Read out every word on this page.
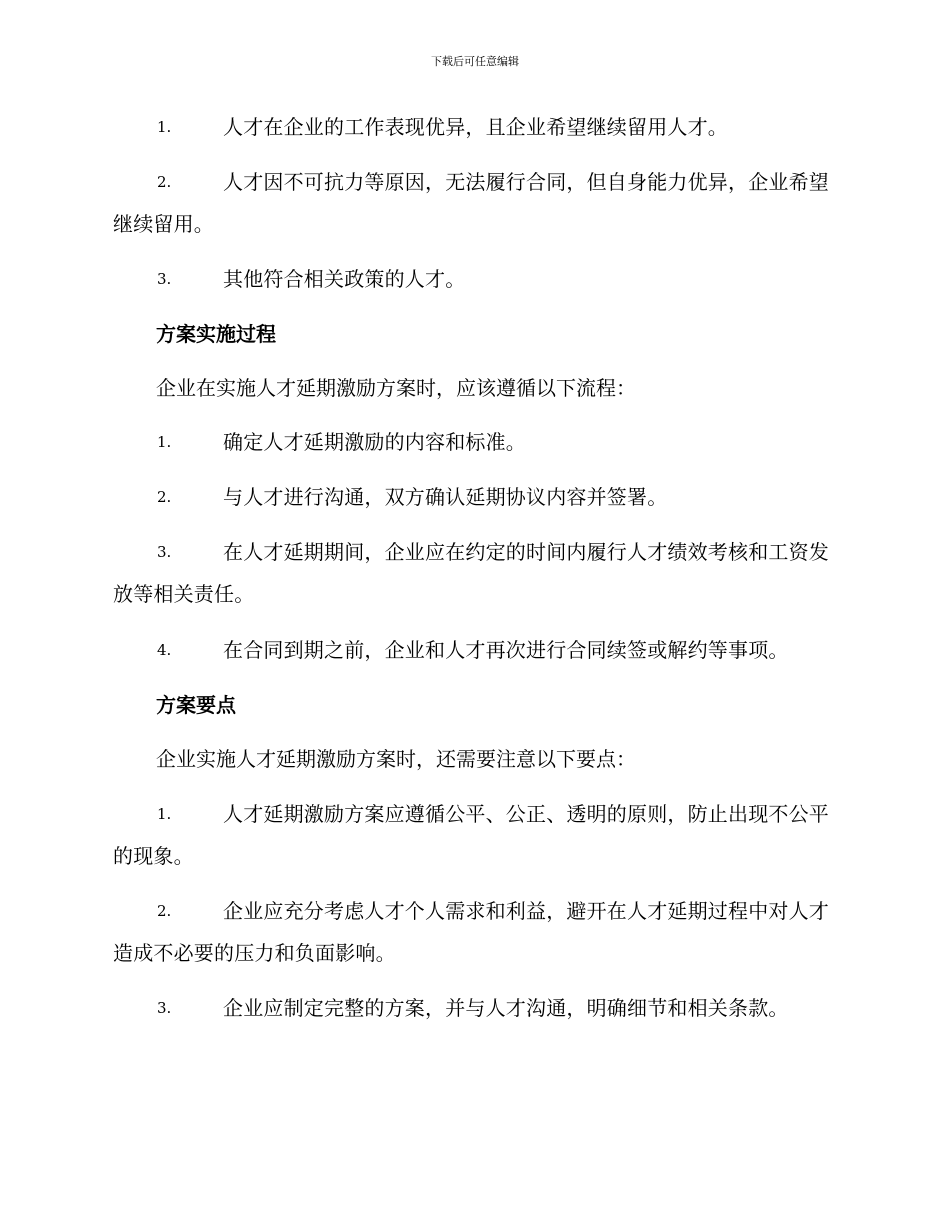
下载后可任意编辑
1.	人才在企业的工作表现优异，且企业希望继续留用人才。
2.	人才因不可抗力等原因，无法履行合同，但自身能力优异，企业希望继续留用。
3.	其他符合相关政策的人才。
方案实施过程
企业在实施人才延期激励方案时，应该遵循以下流程：
1.	确定人才延期激励的内容和标准。
2.	与人才进行沟通，双方确认延期协议内容并签署。
3.	在人才延期期间，企业应在约定的时间内履行人才绩效考核和工资发放等相关责任。
4.	在合同到期之前，企业和人才再次进行合同续签或解约等事项。
方案要点
企业实施人才延期激励方案时，还需要注意以下要点：
1.	人才延期激励方案应遵循公平、公正、透明的原则，防止出现不公平的现象。
2.	企业应充分考虑人才个人需求和利益，避开在人才延期过程中对人才造成不必要的压力和负面影响。
3.	企业应制定完整的方案，并与人才沟通，明确细节和相关条款。
